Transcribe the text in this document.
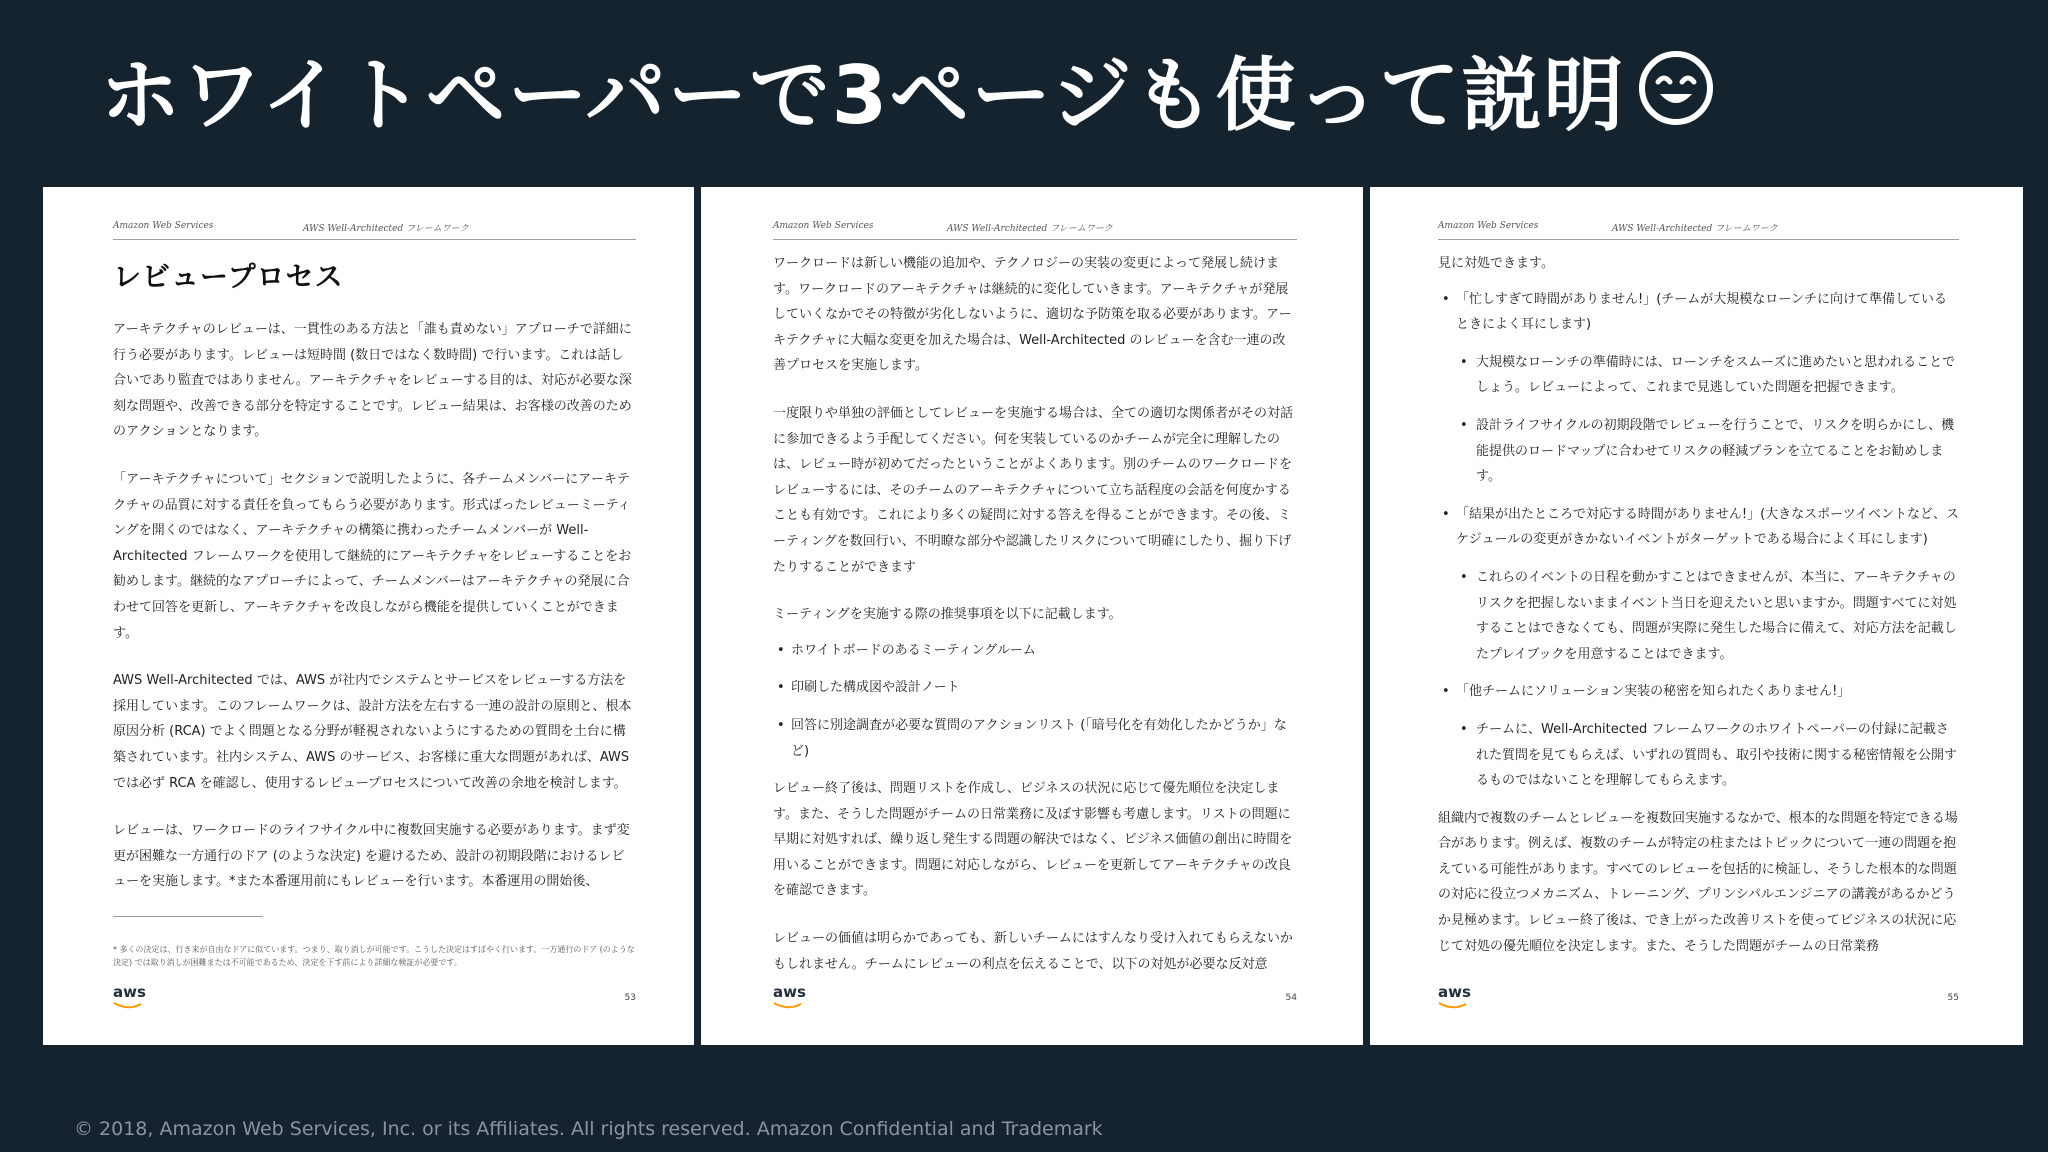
ホワイトペーパーで3ページも使って説明
Amazon Web Services	AWS Well-Architected フレームワーク
レビュープロセス

アーキテクチャのレビューは、一貫性のある方法と「誰も責めない」アプローチで詳細に行う必要があります。レビューは短時間 (数日ではなく数時間) で行います。これは話し合いであり監査ではありません。アーキテクチャをレビューする目的は、対応が必要な深刻な問題や、改善できる部分を特定することです。レビュー結果は、お客様の改善のためのアクションとなります。

「アーキテクチャについて」セクションで説明したように、各チームメンバーにアーキテクチャの品質に対する責任を負ってもらう必要があります。形式ばったレビューミーティングを開くのではなく、アーキテクチャの構築に携わったチームメンバーが Well-Architected フレームワークを使用して継続的にアーキテクチャをレビューすることをお勧めします。継続的なアプローチによって、チームメンバーはアーキテクチャの発展に合わせて回答を更新し、アーキテクチャを改良しながら機能を提供していくことができます。

AWS Well-Architected では、AWS が社内でシステムとサービスをレビューする方法を採用しています。このフレームワークは、設計方法を左右する一連の設計の原則と、根本原因分析 (RCA) でよく問題となる分野が軽視されないようにするための質問を土台に構築されています。社内システム、AWS のサービス、お客様に重大な問題があれば、AWS では必ず RCA を確認し、使用するレビュープロセスについて改善の余地を検討します。

レビューは、ワークロードのライフサイクル中に複数回実施する必要があります。まず変更が困難な一方通行のドア (のような決定) を避けるため、設計の初期段階におけるレビューを実施します。*また本番運用前にもレビューを行います。本番運用の開始後、

* 多くの決定は、行き来が自由なドアに似ています。つまり、取り消しが可能です。こうした決定はすばやく行います。一方通行のドア (のような決定) では取り消しが困難または不可能であるため、決定を下す前により詳細な検証が必要です。
aws	53
Amazon Web Services	AWS Well-Architected フレームワーク

ワークロードは新しい機能の追加や、テクノロジーの実装の変更によって発展し続けます。ワークロードのアーキテクチャは継続的に変化していきます。アーキテクチャが発展していくなかでその特徴が劣化しないように、適切な予防策を取る必要があります。アーキテクチャに大幅な変更を加えた場合は、Well-Architected のレビューを含む一連の改善プロセスを実施します。

一度限りや単独の評価としてレビューを実施する場合は、全ての適切な関係者がその対話に参加できるよう手配してください。何を実装しているのかチームが完全に理解したのは、レビュー時が初めてだったということがよくあります。別のチームのワークロードをレビューするには、そのチームのアーキテクチャについて立ち話程度の会話を何度かすることも有効です。これにより多くの疑問に対する答えを得ることができます。その後、ミーティングを数回行い、不明瞭な部分や認識したリスクについて明確にしたり、掘り下げたりすることができます

ミーティングを実施する際の推奨事項を以下に記載します。

• ホワイトボードのあるミーティングルーム
• 印刷した構成図や設計ノート
• 回答に別途調査が必要な質問のアクションリスト (「暗号化を有効化したかどうか」など)

レビュー終了後は、問題リストを作成し、ビジネスの状況に応じて優先順位を決定します。また、そうした問題がチームの日常業務に及ぼす影響も考慮します。リストの問題に早期に対処すれば、繰り返し発生する問題の解決ではなく、ビジネス価値の創出に時間を用いることができます。問題に対応しながら、レビューを更新してアーキテクチャの改良を確認できます。

レビューの価値は明らかであっても、新しいチームにはすんなり受け入れてもらえないかもしれません。チームにレビューの利点を伝えることで、以下の対処が必要な反対意

aws	54
Amazon Web Services	AWS Well-Architected フレームワーク

見に対処できます。

• 「忙しすぎて時間がありません!」(チームが大規模なローンチに向けて準備しているときによく耳にします)
• 大規模なローンチの準備時には、ローンチをスムーズに進めたいと思われることでしょう。レビューによって、これまで見逃していた問題を把握できます。
• 設計ライフサイクルの初期段階でレビューを行うことで、リスクを明らかにし、機能提供のロードマップに合わせてリスクの軽減プランを立てることをお勧めします。
• 「結果が出たところで対応する時間がありません!」(大きなスポーツイベントなど、スケジュールの変更がきかないイベントがターゲットである場合によく耳にします)
• これらのイベントの日程を動かすことはできませんが、本当に、アーキテクチャのリスクを把握しないままイベント当日を迎えたいと思いますか。問題すべてに対処することはできなくても、問題が実際に発生した場合に備えて、対応方法を記載したプレイブックを用意することはできます。
• 「他チームにソリューション実装の秘密を知られたくありません!」
• チームに、Well-Architected フレームワークのホワイトペーパーの付録に記載された質問を見てもらえば、いずれの質問も、取引や技術に関する秘密情報を公開するものではないことを理解してもらえます。

組織内で複数のチームとレビューを複数回実施するなかで、根本的な問題を特定できる場合があります。例えば、複数のチームが特定の柱またはトピックについて一連の問題を抱えている可能性があります。すべてのレビューを包括的に検証し、そうした根本的な問題の対応に役立つメカニズム、トレーニング、プリンシパルエンジニアの講義があるかどうか見極めます。レビュー終了後は、でき上がった改善リストを使ってビジネスの状況に応じて対処の優先順位を決定します。また、そうした問題がチームの日常業務

aws	55
© 2018, Amazon Web Services, Inc. or its Affiliates. All rights reserved. Amazon Confidential and Trademark
